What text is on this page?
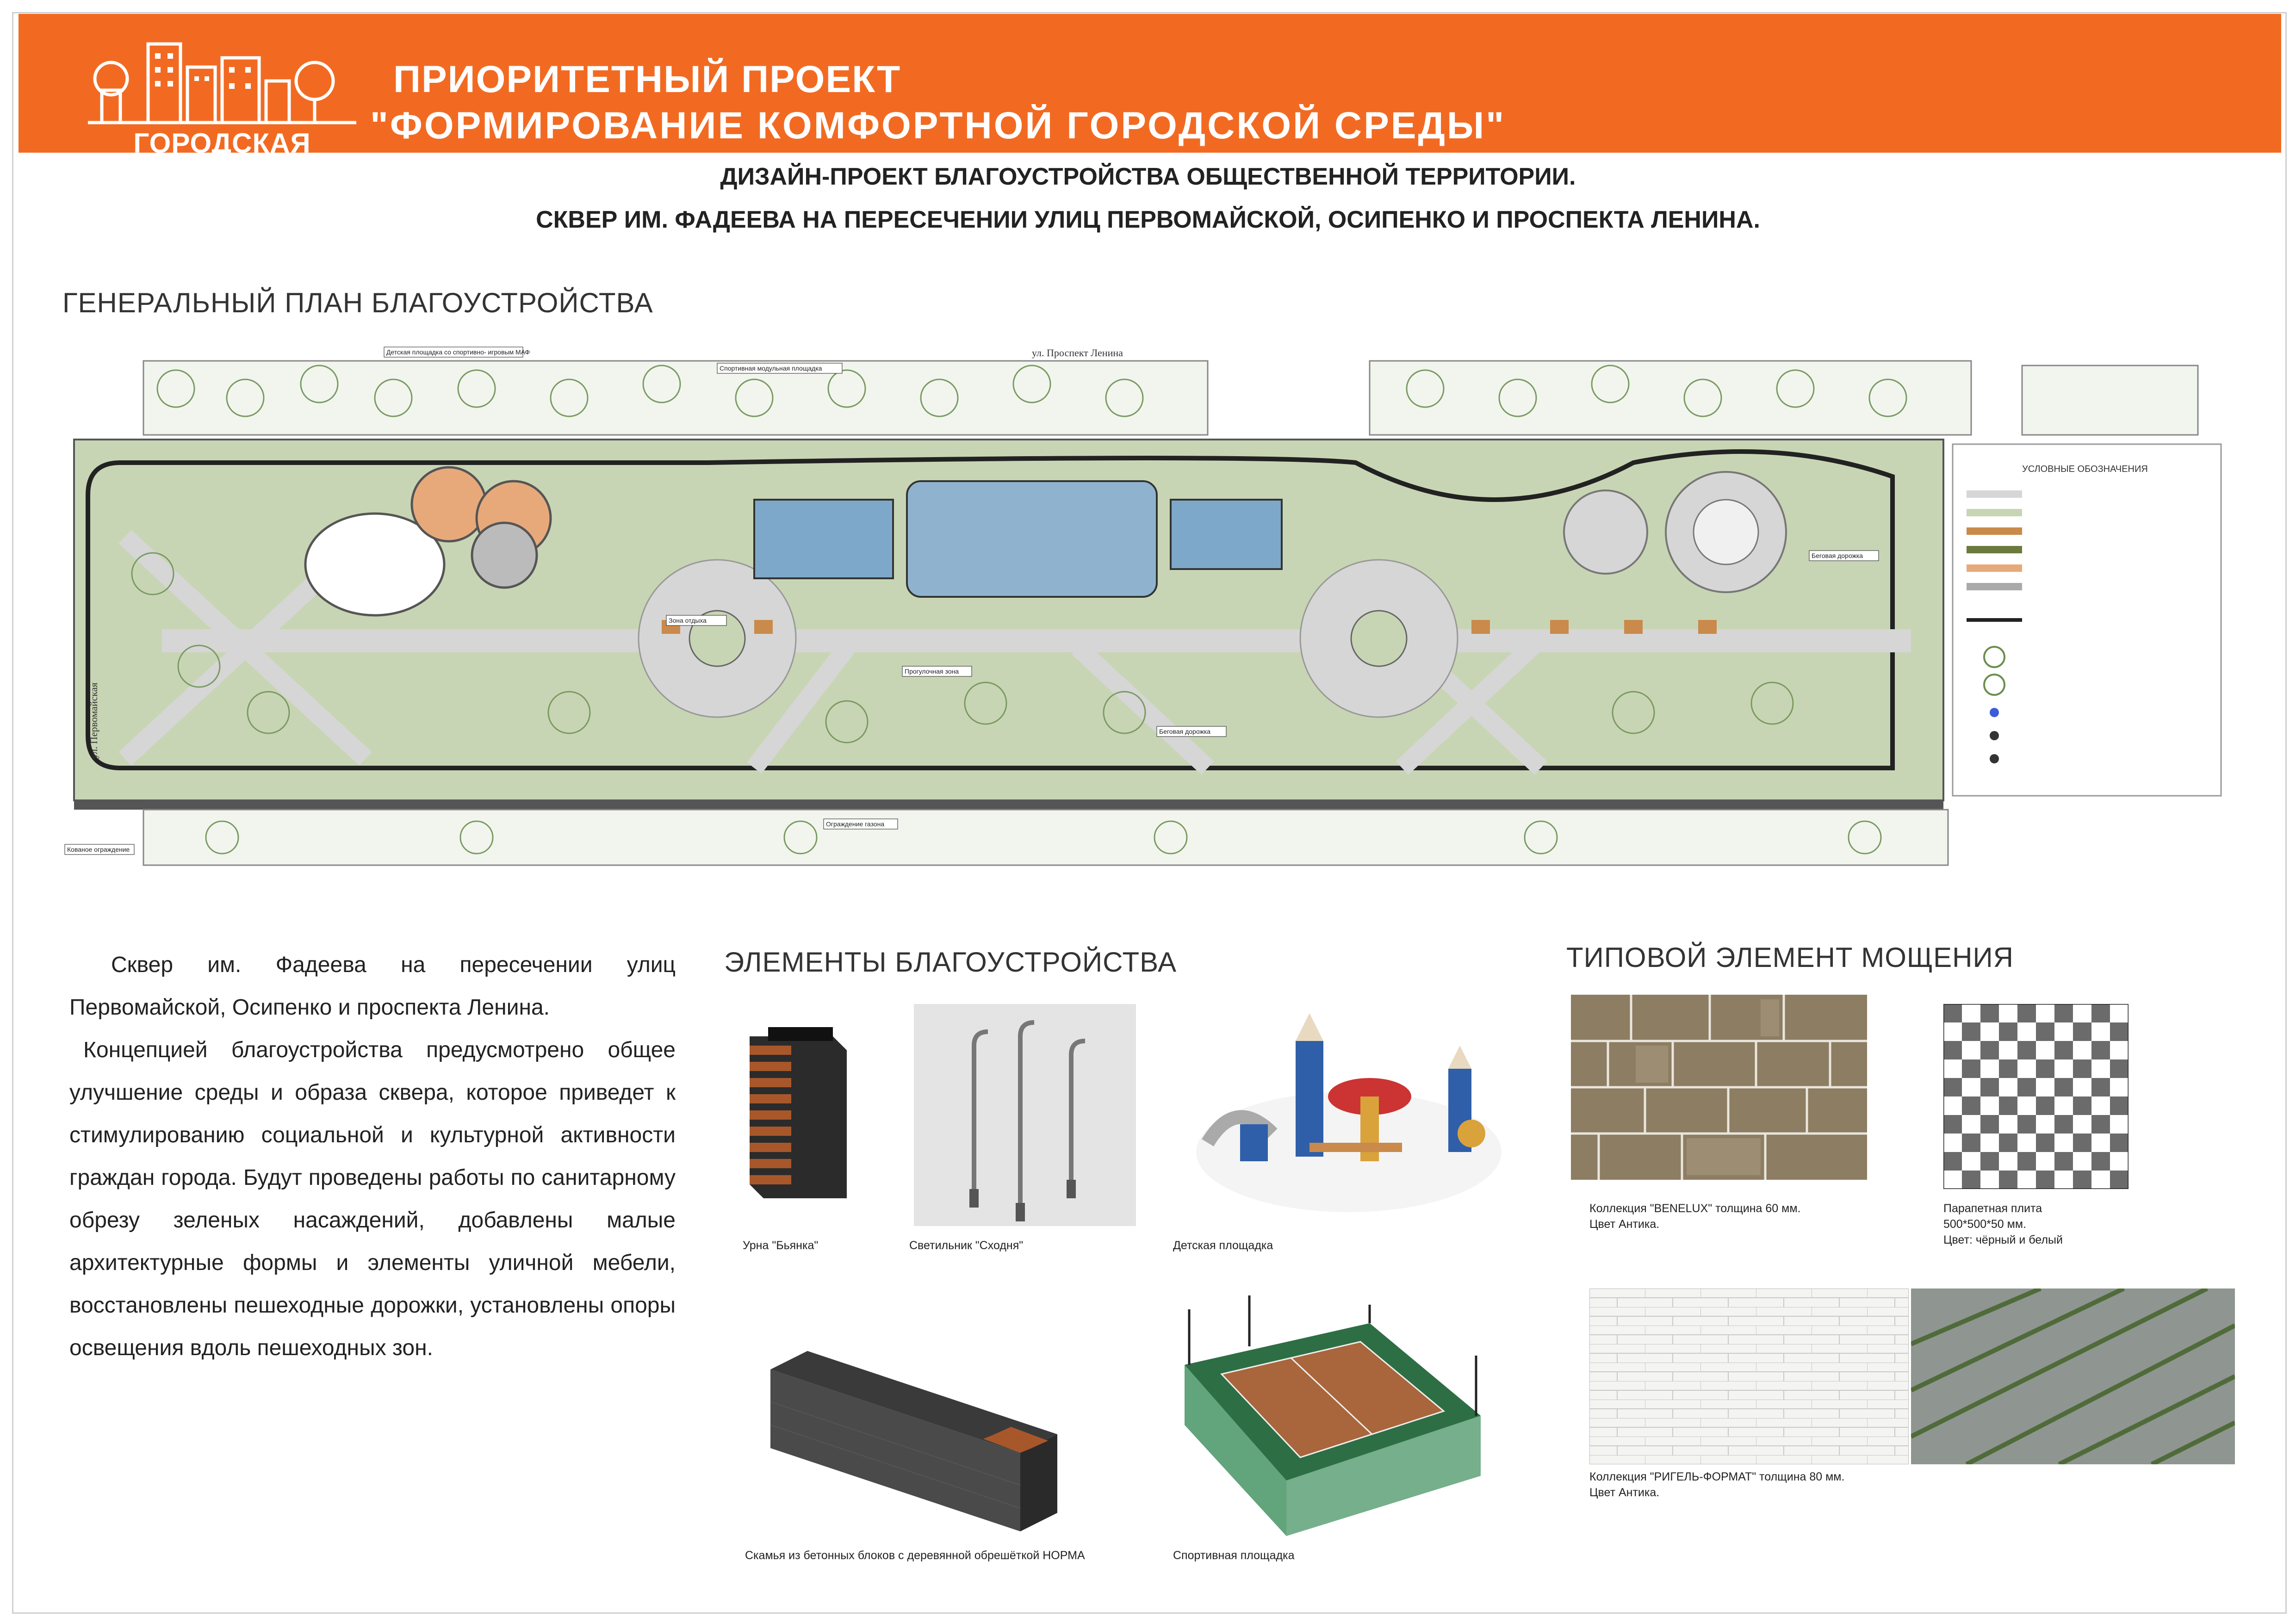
ГОРОДСКАЯ СРЕДА
ПРИОРИТЕТНЫЙ ПРОЕКТ
"ФОРМИРОВАНИЕ КОМФОРТНОЙ ГОРОДСКОЙ СРЕДЫ"
ДИЗАЙН-ПРОЕКТ БЛАГОУСТРОЙСТВА ОБЩЕСТВЕННОЙ ТЕРРИТОРИИ.
СКВЕР ИМ. ФАДЕЕВА НА ПЕРЕСЕЧЕНИИ УЛИЦ ПЕРВОМАЙСКОЙ, ОСИПЕНКО И ПРОСПЕКТА ЛЕНИНА.
ГЕНЕРАЛЬНЫЙ ПЛАН БЛАГОУСТРОЙСТВА
ул. Проспект Ленина
УСЛОВНЫЕ ОБОЗНАЧЕНИЯ
Детская площадка со спортивно- игровым МАФ
Спортивная модульная площадка
Зона отдыха
Прогулочная зона
Беговая дорожка
Беговая дорожка
Ограждение газона
Кованое ограждение
ул. Первомайская

Сквер им. Фадеева на пересечении улиц Первомайской, Осипенко и проспекта Ленина.

Концепцией благоустройства предусмотрено общее улучшение среды и образа сквера, которое приведет к стимулированию социальной и культурной активности граждан города. Будут проведены работы по санитарному обрезу зеленых насаждений, добавлены малые архитектурные формы и элементы уличной мебели, восстановлены пешеходные дорожки, установлены опоры освещения вдоль пешеходных зон.

ЭЛЕМЕНТЫ БЛАГОУСТРОЙСТВА
Урна "Бьянка"	Светильник "Сходня"	Детская площадка
Скамья из бетонных блоков с деревянной обрешёткой НОРМА	Спортивная площадка
ТИПОВОЙ ЭЛЕМЕНТ МОЩЕНИЯ
Коллекция "BENELUX" толщина 60 мм.
Цвет Антика.
Парапетная плита
500*500*50 мм.
Цвет: чёрный и белый
Коллекция "РИГЕЛЬ-ФОРМАТ" толщина 80 мм.
Цвет Антика.
